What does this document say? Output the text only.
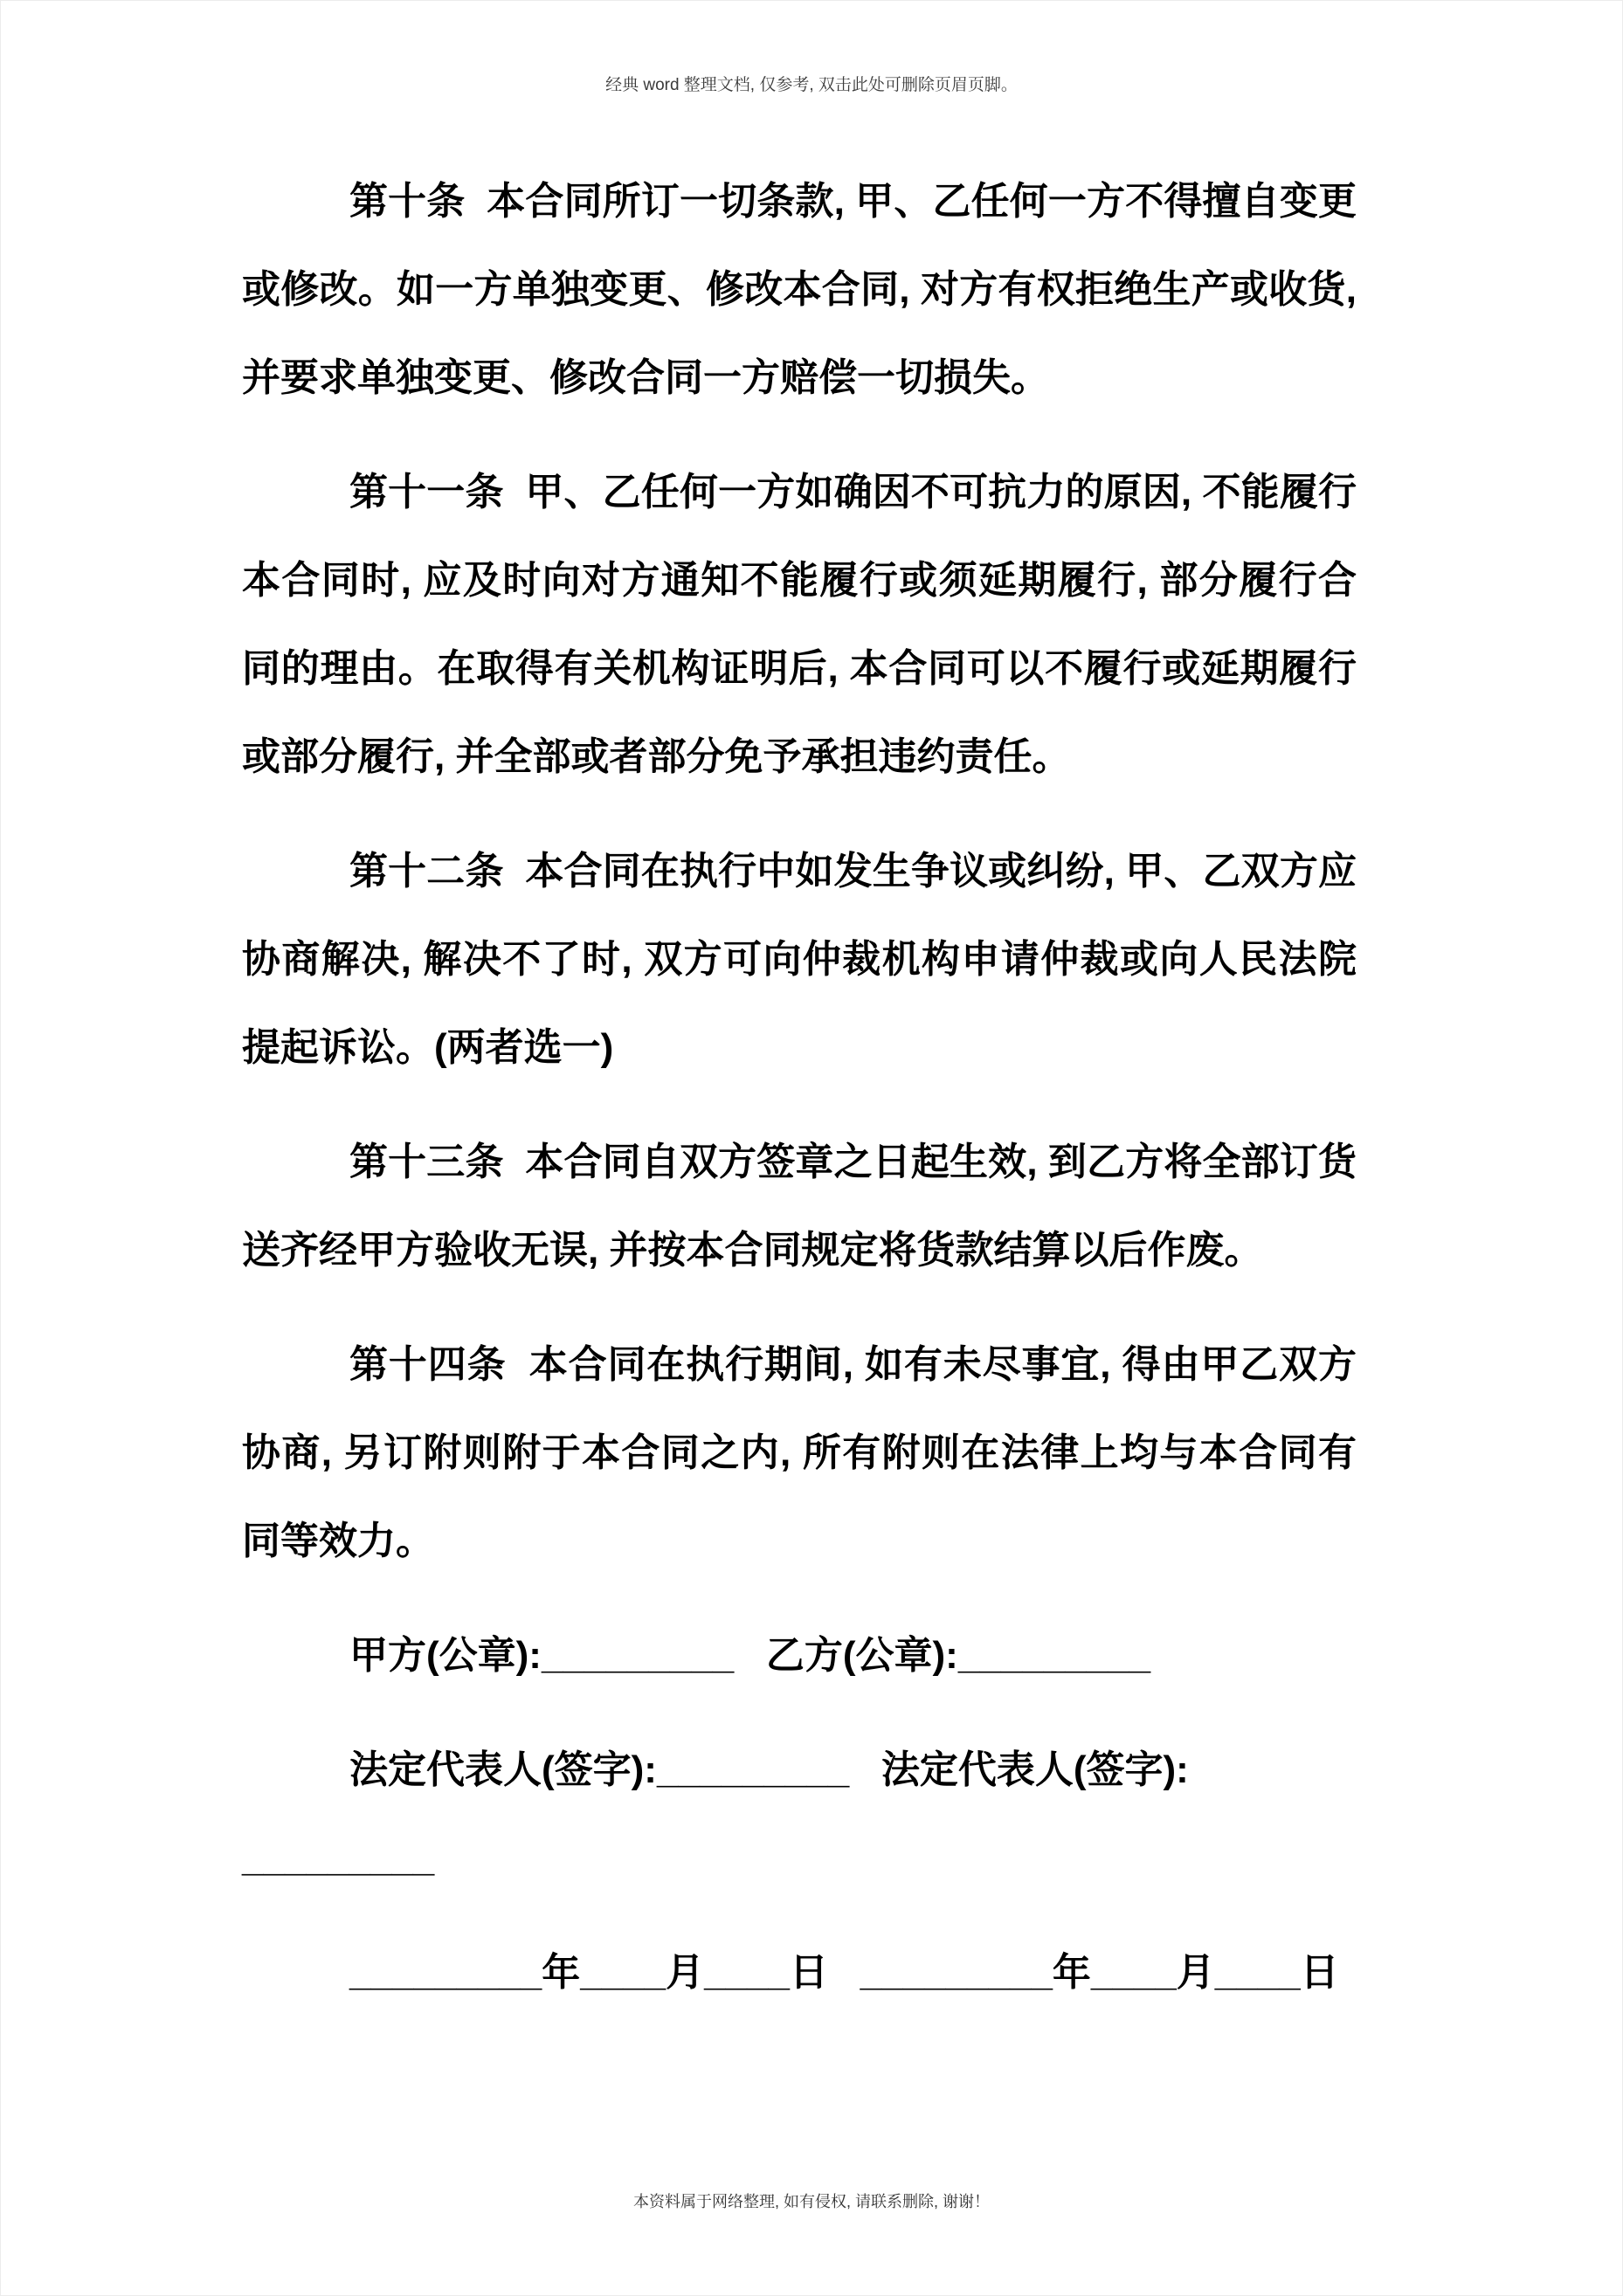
经典 word 整理文档, 仅参考, 双击此处可删除页眉页脚。

第十条  本合同所订一切条款, 甲、乙任何一方不得擅自变更或修改。如一方单独变更、修改本合同, 对方有权拒绝生产或收货, 并要求单独变更、修改合同一方赔偿一切损失。

第十一条  甲、乙任何一方如确因不可抗力的原因, 不能履行本合同时, 应及时向对方通知不能履行或须延期履行, 部分履行合同的理由。在取得有关机构证明后, 本合同可以不履行或延期履行或部分履行, 并全部或者部分免予承担违约责任。

第十二条  本合同在执行中如发生争议或纠纷, 甲、乙双方应协商解决, 解决不了时, 双方可向仲裁机构申请仲裁或向人民法院提起诉讼。(两者选一)

第十三条  本合同自双方签章之日起生效, 到乙方将全部订货送齐经甲方验收无误, 并按本合同规定将货款结算以后作废。

第十四条  本合同在执行期间, 如有未尽事宜, 得由甲乙双方协商, 另订附则附于本合同之内, 所有附则在法律上均与本合同有同等效力。

甲方(公章):_________   乙方(公章):_________

法定代表人(签字):_________   法定代表人(签字):

_________

_________年____月____日   _________年____月____日

本资料属于网络整理, 如有侵权, 请联系删除, 谢谢！
